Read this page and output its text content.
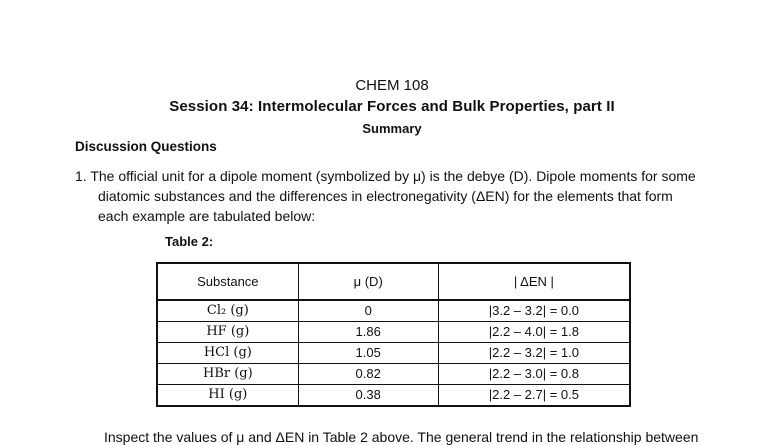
CHEM 108
Session 34: Intermolecular Forces and Bulk Properties, part II
Summary
Discussion Questions
1. The official unit for a dipole moment (symbolized by μ) is the debye (D). Dipole moments for some
diatomic substances and the differences in electronegativity (ΔEN) for the elements that form
each example are tabulated below:
Table 2:
Substance	μ (D)	| ΔEN |
Cl₂ (g)	0	|3.2 – 3.2| = 0.0
HF (g)	1.86	|2.2 – 4.0| = 1.8
HCl (g)	1.05	|2.2 – 3.2| = 1.0
HBr (g)	0.82	|2.2 – 3.0| = 0.8
HI (g)	0.38	|2.2 – 2.7| = 0.5
Inspect the values of μ and ΔEN in Table 2 above. The general trend in the relationship between
